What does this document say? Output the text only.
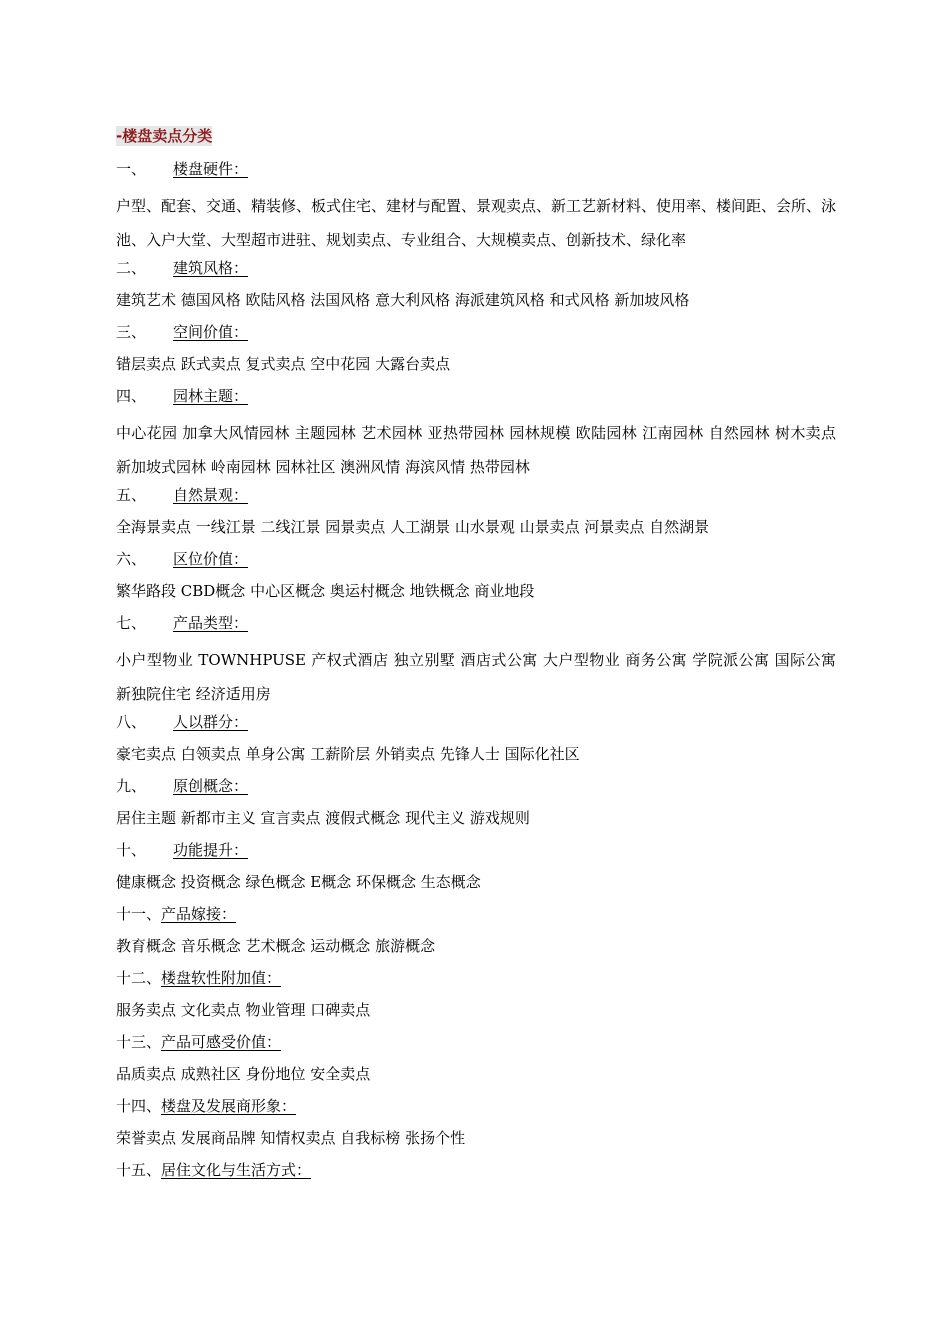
-楼盘卖点分类
一、 楼盘硬件：
户型、配套、交通、精装修、板式住宅、建材与配置、景观卖点、新工艺新材料、使用率、楼间距、会所、泳池、入户大堂、大型超市进驻、规划卖点、专业组合、大规模卖点、创新技术、绿化率
二、 建筑风格：
建筑艺术 德国风格 欧陆风格 法国风格 意大利风格 海派建筑风格 和式风格 新加坡风格
三、 空间价值：
错层卖点 跃式卖点 复式卖点 空中花园 大露台卖点
四、 园林主题：
中心花园 加拿大风情园林 主题园林 艺术园林 亚热带园林 园林规模 欧陆园林 江南园林 自然园林 树木卖点 新加坡式园林 岭南园林 园林社区 澳洲风情 海滨风情 热带园林
五、 自然景观：
全海景卖点 一线江景 二线江景 园景卖点 人工湖景 山水景观 山景卖点 河景卖点 自然湖景
六、 区位价值：
繁华路段 CBD概念 中心区概念 奥运村概念 地铁概念 商业地段
七、 产品类型：
小户型物业 TOWNHPUSE 产权式酒店 独立别墅 酒店式公寓 大户型物业 商务公寓 学院派公寓 国际公寓 新独院住宅 经济适用房
八、 人以群分：
豪宅卖点 白领卖点 单身公寓 工薪阶层 外销卖点 先锋人士 国际化社区
九、 原创概念：
居住主题 新都市主义 宣言卖点 渡假式概念 现代主义 游戏规则
十、 功能提升：
健康概念 投资概念 绿色概念 E概念 环保概念 生态概念
十一、产品嫁接：
教育概念 音乐概念 艺术概念 运动概念 旅游概念
十二、楼盘软性附加值：
服务卖点 文化卖点 物业管理 口碑卖点
十三、产品可感受价值：
品质卖点 成熟社区 身份地位 安全卖点
十四、楼盘及发展商形象：
荣誉卖点 发展商品牌 知情权卖点 自我标榜 张扬个性
十五、居住文化与生活方式：
